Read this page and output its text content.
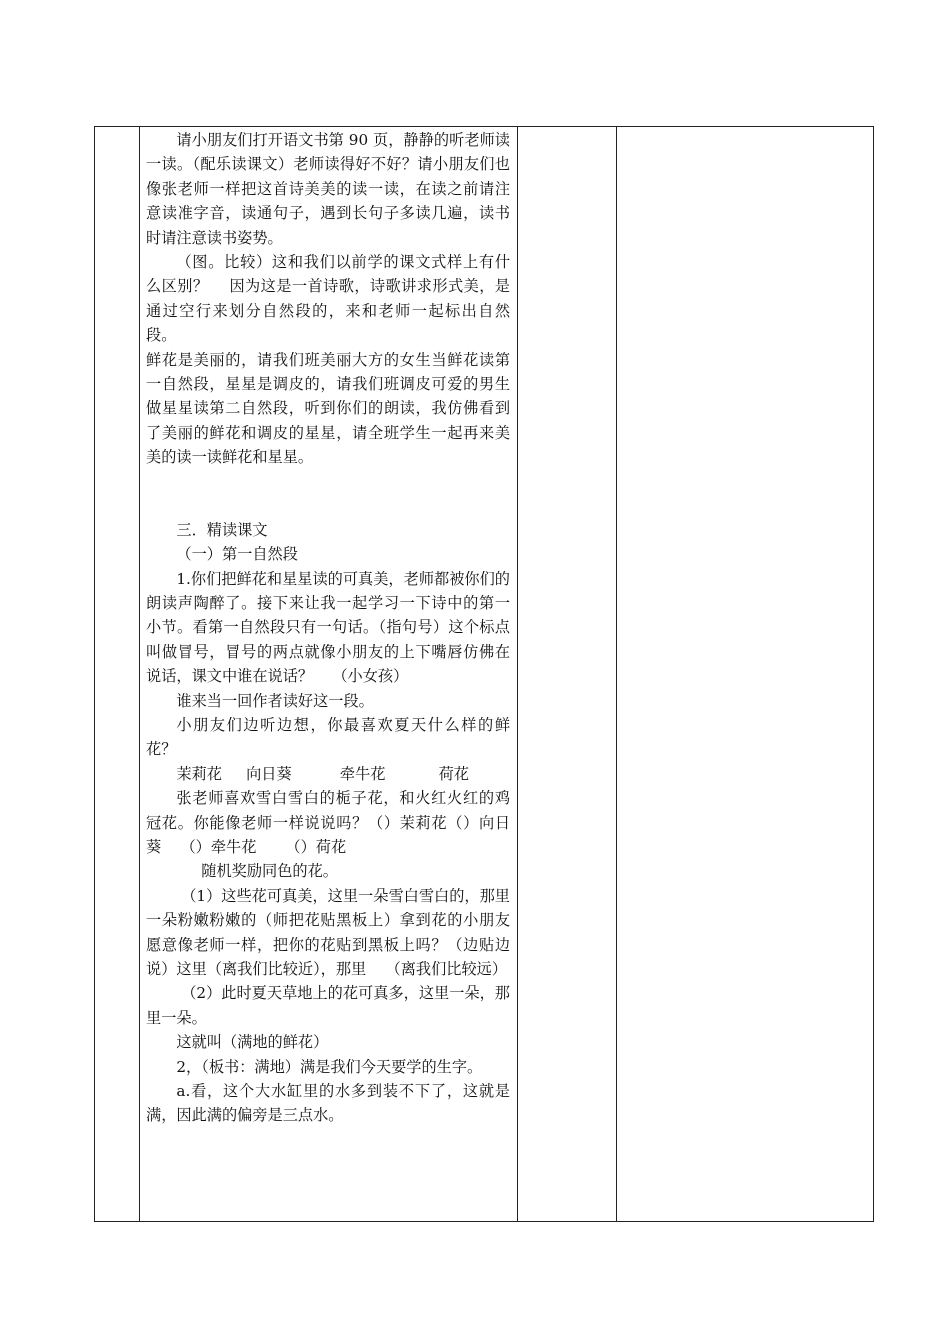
请小朋友们打开语文书第 90 页，静静的听老师读一读。（配乐读课文）老师读得好不好？请小朋友们也像张老师一样把这首诗美美的读一读，在读之前请注意读准字音，读通句子，遇到长句子多读几遍，读书时请注意读书姿势。

（图。比较）这和我们以前学的课文式样上有什么区别？    因为这是一首诗歌，诗歌讲求形式美，是通过空行来划分自然段的，来和老师一起标出自然段。

鲜花是美丽的，请我们班美丽大方的女生当鲜花读第一自然段，星星是调皮的，请我们班调皮可爱的男生做星星读第二自然段，听到你们的朗读，我仿佛看到了美丽的鲜花和调皮的星星，请全班学生一起再来美美的读一读鲜花和星星。

三．精读课文

（一）第一自然段

1.你们把鲜花和星星读的可真美，老师都被你们的朗读声陶醉了。接下来让我一起学习一下诗中的第一小节。看第一自然段只有一句话。（指句号）这个标点叫做冒号，冒号的两点就像小朋友的上下嘴唇仿佛在说话，课文中谁在说话？    （小女孩）

谁来当一回作者读好这一段。

小朋友们边听边想，你最喜欢夏天什么样的鲜花？

茉莉花     向日葵          牵牛花           荷花

张老师喜欢雪白雪白的栀子花，和火红火红的鸡冠花。你能像老师一样说说吗？（）茉莉花（）向日葵    （）牵牛花      （）荷花

随机奖励同色的花。

（1）这些花可真美，这里一朵雪白雪白的，那里一朵粉嫩粉嫩的（师把花贴黑板上）拿到花的小朋友愿意像老师一样，把你的花贴到黑板上吗？（边贴边说）这里（离我们比较近），那里    （离我们比较远）

（2）此时夏天草地上的花可真多，这里一朵，那里一朵。

这就叫（满地的鲜花）

2，（板书：满地）满是我们今天要学的生字。

a.看，这个大水缸里的水多到装不下了，这就是满，因此满的偏旁是三点水。
